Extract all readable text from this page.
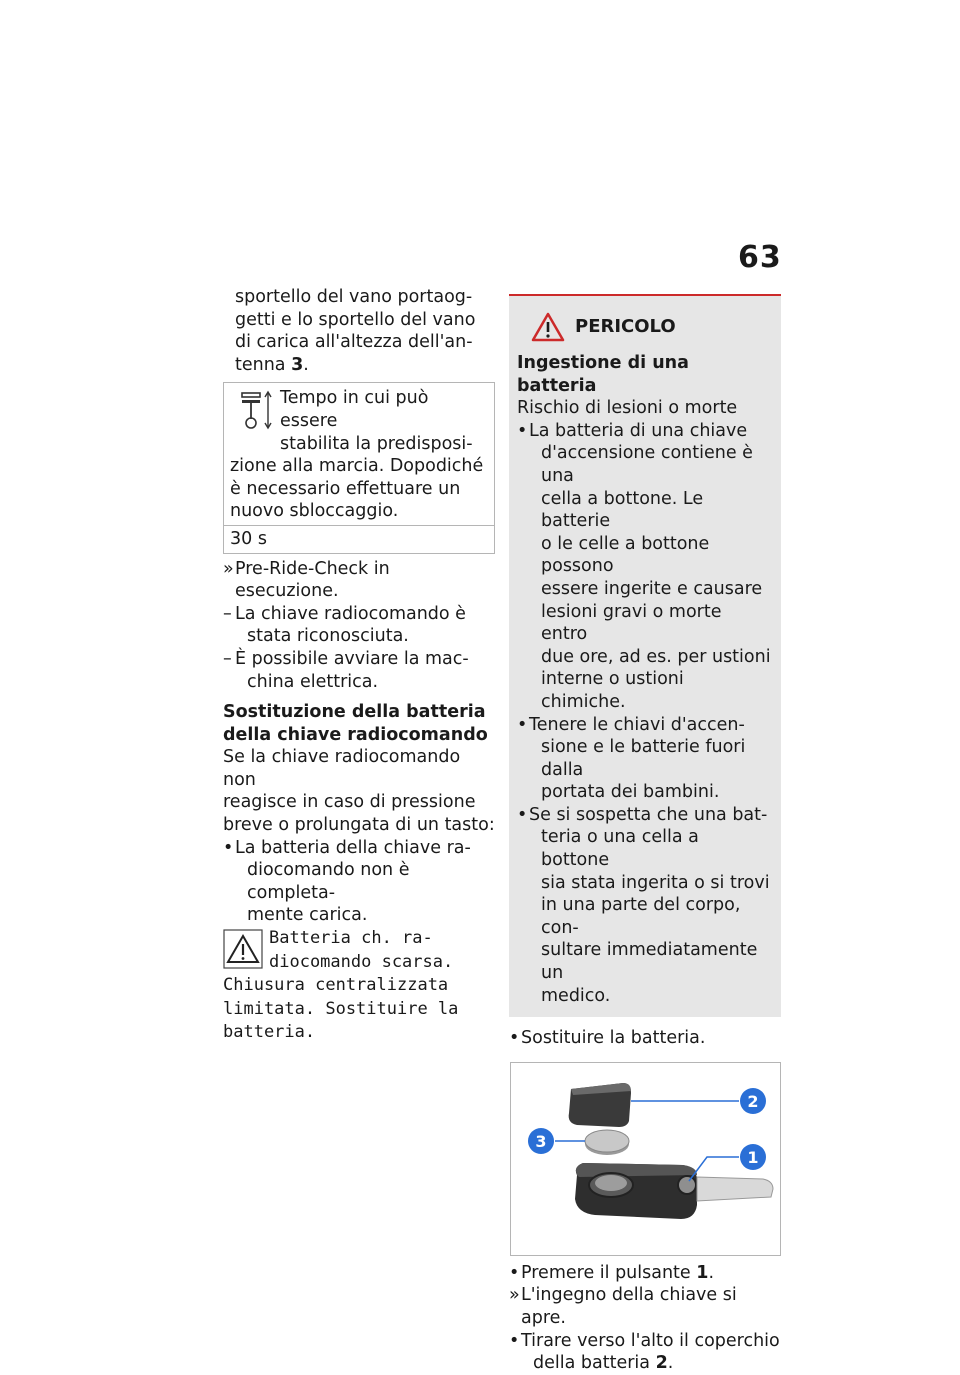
63
sportello del vano portaog-
getti e lo sportello del vano
di carica all'altezza dell'an-
tenna 3.
Tempo in cui può essere
stabilita la predisposi-
zione alla marcia. Dopodiché
è necessario effettuare un
nuovo sbloccaggio.
30 s
» Pre-Ride-Check in esecuzione.
– La chiave radiocomando è
stata riconosciuta.
– È possibile avviare la mac-
china elettrica.
Sostituzione della batteria
della chiave radiocomando
Se la chiave radiocomando non
reagisce in caso di pressione
breve o prolungata di un tasto:
• La batteria della chiave ra-
diocomando non è completa-
mente carica.
Batteria ch. ra-
diocomando scarsa.
Chiusura centralizzata
limitata. Sostituire la
batteria.
PERICOLO
Ingestione di una batteria
Rischio di lesioni o morte
• La batteria di una chiave
d'accensione contiene è una
cella a bottone. Le batterie
o le celle a bottone possono
essere ingerite e causare
lesioni gravi o morte entro
due ore, ad es. per ustioni
interne o ustioni chimiche.
• Tenere le chiavi d'accen-
sione e le batterie fuori dalla
portata dei bambini.
• Se si sospetta che una bat-
teria o una cella a bottone
sia stata ingerita o si trovi
in una parte del corpo, con-
sultare immediatamente un
medico.
• Sostituire la batteria.
2
3
1
• Premere il pulsante 1.
» L'ingegno della chiave si apre.
• Tirare verso l'alto il coperchio
della batteria 2.
